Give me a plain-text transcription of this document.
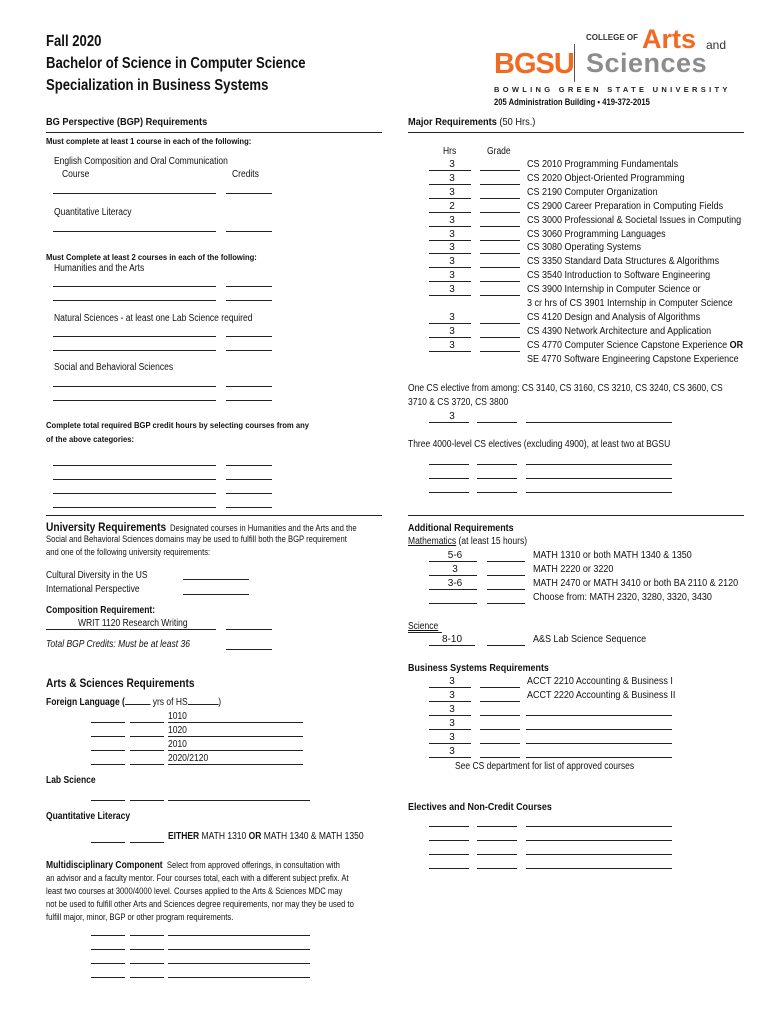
Fall 2020
Bachelor of Science in Computer Science
Specialization in Business Systems
BGSU
COLLEGE OF Arts and
Sciences
BOWLING GREEN STATE UNIVERSITY
205 Administration Building • 419-372-2015
BG Perspective (BGP) Requirements
Must complete at least 1 course in each of the following:
English Composition and Oral Communication
Course	Credits
Quantitative Literacy
Must Complete at least 2 courses in each of the following:
Humanities and the Arts
Natural Sciences - at least one Lab Science required
Social and Behavioral Sciences
Complete total required BGP credit hours by selecting courses from any
of the above categories:
University Requirements Designated courses in Humanities and the Arts and the
Social and Behavioral Sciences domains may be used to fulfill both the BGP requirement
and one of the following university requirements:
Cultural Diversity in the US
International Perspective
Composition Requirement:
WRIT 1120 Research Writing
Total BGP Credits: Must be at least 36
Arts & Sciences Requirements
Foreign Language (	yrs of HS	)
1010
1020
2010
2020/2120
Lab Science
Quantitative Literacy
EITHER MATH 1310 OR MATH 1340 & MATH 1350
Multidisciplinary Component Select from approved offerings, in consultation with
an advisor and a faculty mentor. Four courses total, each with a different subject prefix. At
least two courses at 3000/4000 level. Courses applied to the Arts & Sciences MDC may
not be used to fulfill other Arts and Sciences degree requirements, nor may they be used to
fulfill major, minor, BGP or other program requirements.
Major Requirements (50 Hrs.)
Hrs	Grade
3	CS 2010 Programming Fundamentals
3	CS 2020 Object-Oriented Programming
3	CS 2190 Computer Organization
2	CS 2900 Career Preparation in Computing Fields
3	CS 3000 Professional & Societal Issues in Computing
3	CS 3060 Programming Languages
3	CS 3080 Operating Systems
3	CS 3350 Standard Data Structures & Algorithms
3	CS 3540 Introduction to Software Engineering
3	CS 3900 Internship in Computer Science or
3 cr hrs of CS 3901 Internship in Computer Science
3	CS 4120 Design and Analysis of Algorithms
3	CS 4390 Network Architecture and Application
3	CS 4770 Computer Science Capstone Experience OR
SE 4770 Software Engineering Capstone Experience
One CS elective from among: CS 3140, CS 3160, CS 3210, CS 3240, CS 3600, CS
3710 & CS 3720, CS 3800
3
Three 4000-level CS electives (excluding 4900), at least two at BGSU
Additional Requirements
Mathematics (at least 15 hours)
5-6	MATH 1310 or both MATH 1340 & 1350
3	MATH 2220 or 3220
3-6	MATH 2470 or MATH 3410 or both BA 2110 & 2120
Choose from: MATH 2320, 3280, 3320, 3430
Science
8-10	A&S Lab Science Sequence
Business Systems Requirements
3	ACCT 2210 Accounting & Business I
3	ACCT 2220 Accounting & Business II
3
3
3
3
See CS department for list of approved courses
Electives and Non-Credit Courses
